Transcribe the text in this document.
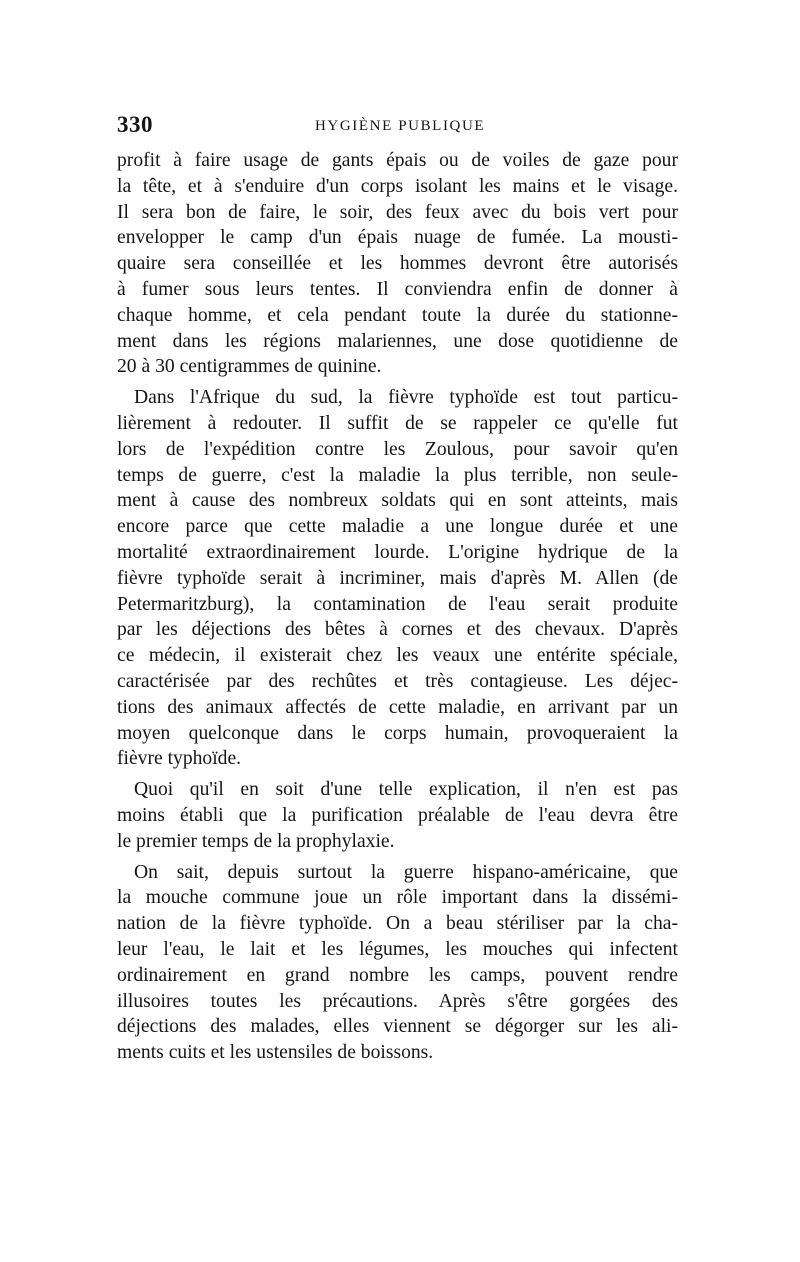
330	HYGIÈNE PUBLIQUE

profit à faire usage de gants épais ou de voiles de gaze pour
la tête, et à s'enduire d'un corps isolant les mains et le visage.
Il sera bon de faire, le soir, des feux avec du bois vert pour
envelopper le camp d'un épais nuage de fumée. La mousti-
quaire sera conseillée et les hommes devront être autorisés
à fumer sous leurs tentes. Il conviendra enfin de donner à
chaque homme, et cela pendant toute la durée du stationne-
ment dans les régions malariennes, une dose quotidienne de
20 à 30 centigrammes de quinine.

Dans l'Afrique du sud, la fièvre typhoïde est tout particu-
lièrement à redouter. Il suffit de se rappeler ce qu'elle fut
lors de l'expédition contre les Zoulous, pour savoir qu'en
temps de guerre, c'est la maladie la plus terrible, non seule-
ment à cause des nombreux soldats qui en sont atteints, mais
encore parce que cette maladie a une longue durée et une
mortalité extraordinairement lourde. L'origine hydrique de la
fièvre typhoïde serait à incriminer, mais d'après M. Allen (de
Petermaritzburg), la contamination de l'eau serait produite
par les déjections des bêtes à cornes et des chevaux. D'après
ce médecin, il existerait chez les veaux une entérite spéciale,
caractérisée par des rechûtes et très contagieuse. Les déjec-
tions des animaux affectés de cette maladie, en arrivant par un
moyen quelconque dans le corps humain, provoqueraient la
fièvre typhoïde.

Quoi qu'il en soit d'une telle explication, il n'en est pas
moins établi que la purification préalable de l'eau devra être
le premier temps de la prophylaxie.

On sait, depuis surtout la guerre hispano-américaine, que
la mouche commune joue un rôle important dans la dissémi-
nation de la fièvre typhoïde. On a beau stériliser par la cha-
leur l'eau, le lait et les légumes, les mouches qui infectent
ordinairement en grand nombre les camps, pouvent rendre
illusoires toutes les précautions. Après s'être gorgées des
déjections des malades, elles viennent se dégorger sur les ali-
ments cuits et les ustensiles de boissons.
